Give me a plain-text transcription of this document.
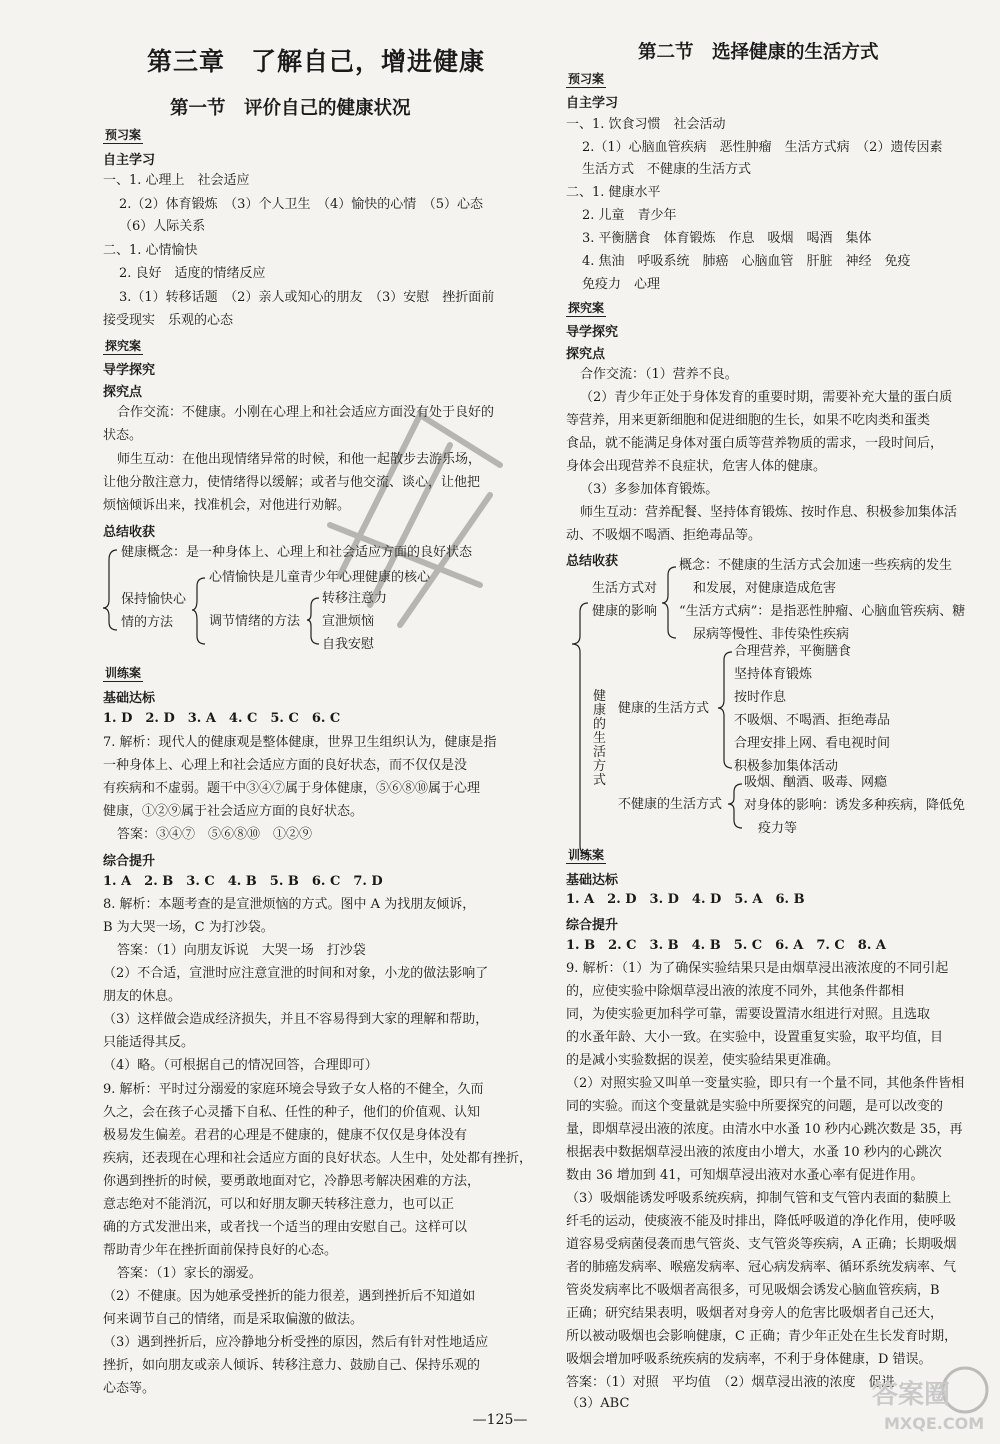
第三章　了解自己，增进健康
第一节　评价自己的健康状况
预习案
自主学习
一、1. 心理上　社会适应
2.（2）体育锻炼　（3）个人卫生　（4）愉快的心情　（5）心态
（6）人际关系
二、1. 心情愉快
2. 良好　适度的情绪反应
3.（1）转移话题　（2）亲人或知心的朋友　（3）安慰　挫折面前
接受现实　乐观的心态
探究案
导学探究
探究点
合作交流：不健康。小刚在心理上和社会适应方面没有处于良好的
状态。
师生互动：在他出现情绪异常的时候，和他一起散步去游乐场，
让他分散注意力，使情绪得以缓解；或者与他交流、谈心，让他把
烦恼倾诉出来，找准机会，对他进行劝解。
总结收获
健康概念：是一种身体上、心理上和社会适应方面的良好状态
保持愉快心
情的方法
心情愉快是儿童青少年心理健康的核心
调节情绪的方法
转移注意力
宣泄烦恼
自我安慰
训练案
基础达标
1. D　2. D　3. A　4. C　5. C　6. C
7. 解析：现代人的健康观是整体健康，世界卫生组织认为，健康是指
一种身体上、心理上和社会适应方面的良好状态，而不仅仅是没
有疾病和不虚弱。题干中③④⑦属于身体健康，⑤⑥⑧⑩属于心理
健康，①②⑨属于社会适应方面的良好状态。
答案：③④⑦　⑤⑥⑧⑩　①②⑨
综合提升
1. A　2. B　3. C　4. B　5. B　6. C　7. D
8. 解析：本题考查的是宣泄烦恼的方式。图中 A 为找朋友倾诉，
B 为大哭一场，C 为打沙袋。
答案：（1）向朋友诉说　大哭一场　打沙袋
（2）不合适，宣泄时应注意宣泄的时间和对象，小龙的做法影响了
朋友的休息。
（3）这样做会造成经济损失，并且不容易得到大家的理解和帮助，
只能适得其反。
（4）略。（可根据自己的情况回答，合理即可）
9. 解析：平时过分溺爱的家庭环境会导致子女人格的不健全，久而
久之，会在孩子心灵播下自私、任性的种子，他们的价值观、认知
极易发生偏差。君君的心理是不健康的，健康不仅仅是身体没有
疾病，还表现在心理和社会适应方面的良好状态。人生中，处处都有挫折，
你遇到挫折的时候，要勇敢地面对它，冷静思考解决困难的方法，
意志绝对不能消沉，可以和好朋友聊天转移注意力，也可以正
确的方式发泄出来，或者找一个适当的理由安慰自己。这样可以
帮助青少年在挫折面前保持良好的心态。
答案：（1）家长的溺爱。
（2）不健康。因为她承受挫折的能力很差，遇到挫折后不知道如
何来调节自己的情绪，而是采取偏激的做法。
（3）遇到挫折后，应冷静地分析受挫的原因，然后有针对性地适应
挫折，如向朋友或亲人倾诉、转移注意力、鼓励自己、保持乐观的
心态等。
第二节　选择健康的生活方式
预习案
自主学习
一、1. 饮食习惯　社会活动
2.（1）心脑血管疾病　恶性肿瘤　生活方式病　（2）遗传因素
生活方式　不健康的生活方式
二、1. 健康水平
2. 儿童　青少年
3. 平衡膳食　体育锻炼　作息　吸烟　喝酒　集体
4. 焦油　呼吸系统　肺癌　心脑血管　肝脏　神经　免疫
免疫力　心理
探究案
导学探究
探究点
合作交流：（1）营养不良。
（2）青少年正处于身体发育的重要时期，需要补充大量的蛋白质
等营养，用来更新细胞和促进细胞的生长，如果不吃肉类和蛋类
食品，就不能满足身体对蛋白质等营养物质的需求，一段时间后，
身体会出现营养不良症状，危害人体的健康。
（3）多参加体育锻炼。
师生互动：营养配餐、坚持体育锻炼、按时作息、积极参加集体活
动、不吸烟不喝酒、拒绝毒品等。
总结收获
生活方式对
健康的影响
概念：不健康的生活方式会加速一些疾病的发生
和发展，对健康造成危害
“生活方式病”：是指恶性肿瘤、心脑血管疾病、糖
尿病等慢性、非传染性疾病
健康的生活方式
健康的生活方式
合理营养，平衡膳食
坚持体育锻炼
按时作息
不吸烟、不喝酒、拒绝毒品
合理安排上网、看电视时间
积极参加集体活动
不健康的生活方式
吸烟、酗酒、吸毒、网瘾
对身体的影响：诱发多种疾病，降低免
疫力等
训练案
基础达标
1. A　2. D　3. D　4. D　5. A　6. B
综合提升
1. B　2. C　3. B　4. B　5. C　6. A　7. C　8. A
9. 解析：（1）为了确保实验结果只是由烟草浸出液浓度的不同引起
的，应使实验中除烟草浸出液的浓度不同外，其他条件都相
同，为使实验更加科学可靠，需要设置清水组进行对照。且选取
的水蚤年龄、大小一致。在实验中，设置重复实验，取平均值，目
的是减小实验数据的误差，使实验结果更准确。
（2）对照实验又叫单一变量实验，即只有一个量不同，其他条件皆相
同的实验。而这个变量就是实验中所要探究的问题，是可以改变的
量，即烟草浸出液的浓度。由清水中水蚤 10 秒内心跳次数是 35，再
根据表中数据烟草浸出液的浓度由小增大，水蚤 10 秒内的心跳次
数由 36 增加到 41，可知烟草浸出液对水蚤心率有促进作用。
（3）吸烟能诱发呼吸系统疾病，抑制气管和支气管内表面的黏膜上
纤毛的运动，使痰液不能及时排出，降低呼吸道的净化作用，使呼吸
道容易受病菌侵袭而患气管炎、支气管炎等疾病，A 正确；长期吸烟
者的肺癌发病率、喉癌发病率、冠心病发病率、循环系统发病率、气
管炎发病率比不吸烟者高很多，可见吸烟会诱发心脑血管疾病，B
正确；研究结果表明，吸烟者对身旁人的危害比吸烟者自己还大，
所以被动吸烟也会影响健康，C 正确；青少年正处在生长发育时期，
吸烟会增加呼吸系统疾病的发病率，不利于身体健康，D 错误。
答案：（1）对照　平均值　（2）烟草浸出液的浓度　促进
（3）ABC
—125—
答案圈
MXQE.COM
